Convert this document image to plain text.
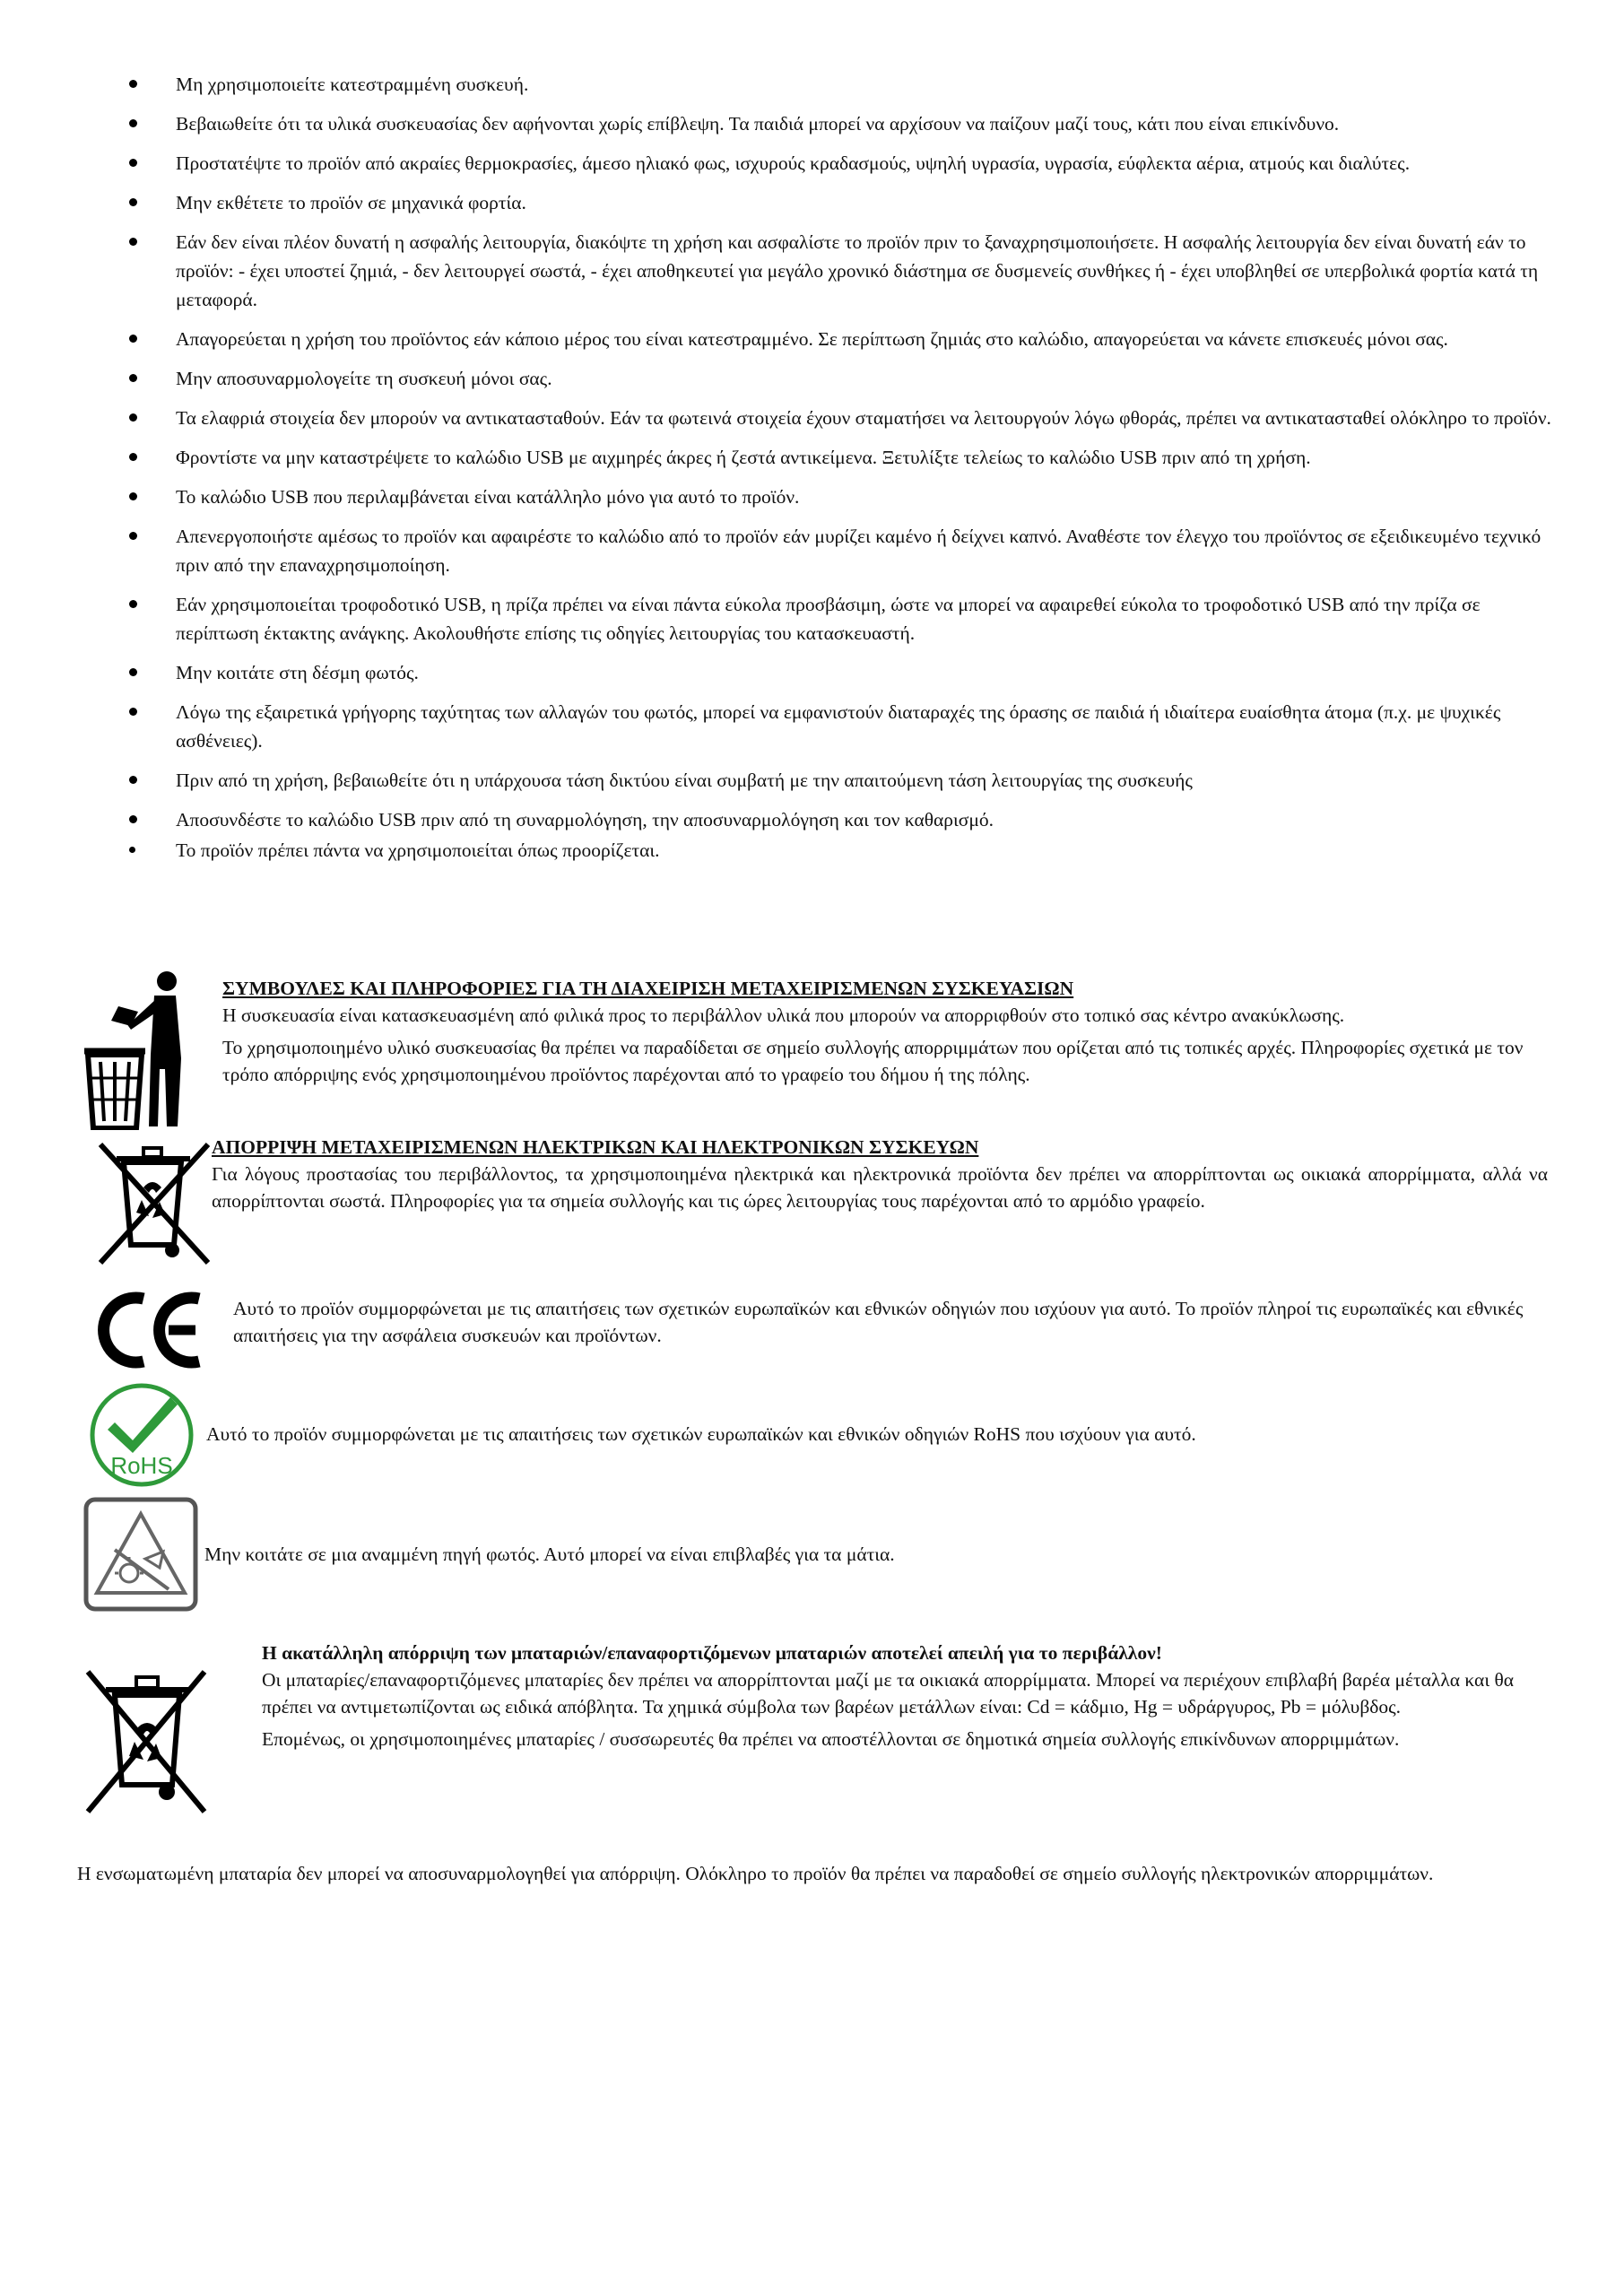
Μη χρησιμοποιείτε κατεστραμμένη συσκευή.
Βεβαιωθείτε ότι τα υλικά συσκευασίας δεν αφήνονται χωρίς επίβλεψη. Τα παιδιά μπορεί να αρχίσουν να παίζουν μαζί τους, κάτι που είναι επικίνδυνο.
Προστατέψτε το προϊόν από ακραίες θερμοκρασίες, άμεσο ηλιακό φως, ισχυρούς κραδασμούς, υψηλή υγρασία, υγρασία, εύφλεκτα αέρια, ατμούς και διαλύτες.
Μην εκθέτετε το προϊόν σε μηχανικά φορτία.
Εάν δεν είναι πλέον δυνατή η ασφαλής λειτουργία, διακόψτε τη χρήση και ασφαλίστε το προϊόν πριν το ξαναχρησιμοποιήσετε. Η ασφαλής λειτουργία δεν είναι δυνατή εάν το προϊόν: - έχει υποστεί ζημιά, - δεν λειτουργεί σωστά, - έχει αποθηκευτεί για μεγάλο χρονικό διάστημα σε δυσμενείς συνθήκες ή - έχει υποβληθεί σε υπερβολικά φορτία κατά τη μεταφορά.
Απαγορεύεται η χρήση του προϊόντος εάν κάποιο μέρος του είναι κατεστραμμένο. Σε περίπτωση ζημιάς στο καλώδιο, απαγορεύεται να κάνετε επισκευές μόνοι σας.
Μην αποσυναρμολογείτε τη συσκευή μόνοι σας.
Τα ελαφριά στοιχεία δεν μπορούν να αντικατασταθούν. Εάν τα φωτεινά στοιχεία έχουν σταματήσει να λειτουργούν λόγω φθοράς, πρέπει να αντικατασταθεί ολόκληρο το προϊόν.
Φροντίστε να μην καταστρέψετε το καλώδιο USB με αιχμηρές άκρες ή ζεστά αντικείμενα. Ξετυλίξτε τελείως το καλώδιο USB πριν από τη χρήση.
Το καλώδιο USB που περιλαμβάνεται είναι κατάλληλο μόνο για αυτό το προϊόν.
Απενεργοποιήστε αμέσως το προϊόν και αφαιρέστε το καλώδιο από το προϊόν εάν μυρίζει καμένο ή δείχνει καπνό. Αναθέστε τον έλεγχο του προϊόντος σε εξειδικευμένο τεχνικό πριν από την επαναχρησιμοποίηση.
Εάν χρησιμοποιείται τροφοδοτικό USB, η πρίζα πρέπει να είναι πάντα εύκολα προσβάσιμη, ώστε να μπορεί να αφαιρεθεί εύκολα το τροφοδοτικό USB από την πρίζα σε περίπτωση έκτακτης ανάγκης. Ακολουθήστε επίσης τις οδηγίες λειτουργίας του κατασκευαστή.
Μην κοιτάτε στη δέσμη φωτός.
Λόγω της εξαιρετικά γρήγορης ταχύτητας των αλλαγών του φωτός, μπορεί να εμφανιστούν διαταραχές της όρασης σε παιδιά ή ιδιαίτερα ευαίσθητα άτομα (π.χ. με ψυχικές ασθένειες).
Πριν από τη χρήση, βεβαιωθείτε ότι η υπάρχουσα τάση δικτύου είναι συμβατή με την απαιτούμενη τάση λειτουργίας της συσκευής
Αποσυνδέστε το καλώδιο USB πριν από τη συναρμολόγηση, την αποσυναρμολόγηση και τον καθαρισμό.
Το προϊόν πρέπει πάντα να χρησιμοποιείται όπως προορίζεται.
ΣΥΜΒΟΥΛΕΣ ΚΑΙ ΠΛΗΡΟΦΟΡΙΕΣ ΓΙΑ ΤΗ ΔΙΑΧΕΙΡΙΣΗ ΜΕΤΑΧΕΙΡΙΣΜΕΝΩΝ ΣΥΣΚΕΥΑΣΙΩΝ

Η συσκευασία είναι κατασκευασμένη από φιλικά προς το περιβάλλον υλικά που μπορούν να απορριφθούν στο τοπικό σας κέντρο ανακύκλωσης.

Το χρησιμοποιημένο υλικό συσκευασίας θα πρέπει να παραδίδεται σε σημείο συλλογής απορριμμάτων που ορίζεται από τις τοπικές αρχές. Πληροφορίες σχετικά με τον τρόπο απόρριψης ενός χρησιμοποιημένου προϊόντος παρέχονται από το γραφείο του δήμου ή της πόλης.

ΑΠΟΡΡΙΨΗ ΜΕΤΑΧΕΙΡΙΣΜΕΝΩΝ ΗΛΕΚΤΡΙΚΩΝ ΚΑΙ ΗΛΕΚΤΡΟΝΙΚΩΝ ΣΥΣΚΕΥΩΝ

Για λόγους προστασίας του περιβάλλοντος, τα χρησιμοποιημένα ηλεκτρικά και ηλεκτρονικά προϊόντα δεν πρέπει να απορρίπτονται ως οικιακά απορρίμματα, αλλά να απορρίπτονται σωστά. Πληροφορίες για τα σημεία συλλογής και τις ώρες λειτουργίας τους παρέχονται από το αρμόδιο γραφείο.

Αυτό το προϊόν συμμορφώνεται με τις απαιτήσεις των σχετικών ευρωπαϊκών και εθνικών οδηγιών που ισχύουν για αυτό. Το προϊόν πληροί τις ευρωπαϊκές και εθνικές απαιτήσεις για την ασφάλεια συσκευών και προϊόντων.

RoHS

Αυτό το προϊόν συμμορφώνεται με τις απαιτήσεις των σχετικών ευρωπαϊκών και εθνικών οδηγιών RoHS που ισχύουν για αυτό.

Μην κοιτάτε σε μια αναμμένη πηγή φωτός. Αυτό μπορεί να είναι επιβλαβές για τα μάτια.

Η ακατάλληλη απόρριψη των μπαταριών/επαναφορτιζόμενων μπαταριών αποτελεί απειλή για το περιβάλλον!

Οι μπαταρίες/επαναφορτιζόμενες μπαταρίες δεν πρέπει να απορρίπτονται μαζί με τα οικιακά απορρίμματα. Μπορεί να περιέχουν επιβλαβή βαρέα μέταλλα και θα πρέπει να αντιμετωπίζονται ως ειδικά απόβλητα. Τα χημικά σύμβολα των βαρέων μετάλλων είναι: Cd = κάδμιο, Hg = υδράργυρος, Pb = μόλυβδος.

Επομένως, οι χρησιμοποιημένες μπαταρίες / συσσωρευτές θα πρέπει να αποστέλλονται σε δημοτικά σημεία συλλογής επικίνδυνων απορριμμάτων.

Η ενσωματωμένη μπαταρία δεν μπορεί να αποσυναρμολογηθεί για απόρριψη. Ολόκληρο το προϊόν θα πρέπει να παραδοθεί σε σημείο συλλογής ηλεκτρονικών απορριμμάτων.
